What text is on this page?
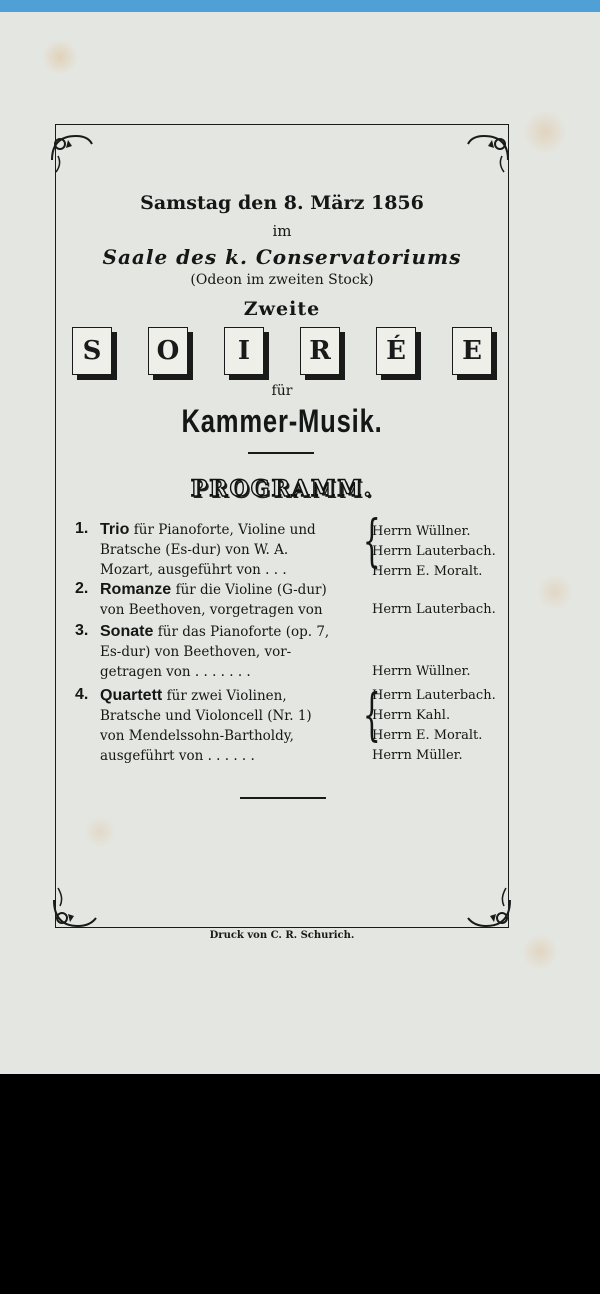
Samstag den 8. März 1856
im
Saale des k. Conservatoriums
(Odeon im zweiten Stock)
Zweite
S	O	I	R	É	E
für
Kammer-Musik.
PROGRAMM.
1. Trio für Pianoforte, Violine und
Bratsche (Es-dur) von W. A.
Mozart, ausgeführt von . . .	{
Herrn Wüllner.
Herrn Lauterbach.
Herrn E. Moralt.
2. Romanze für die Violine (G-dur)
von Beethoven, vorgetragen von	Herrn Lauterbach.
3. Sonate für das Pianoforte (op. 7,
Es-dur) von Beethoven, vor-
getragen von . . . . . . .	Herrn Wüllner.
4. Quartett für zwei Violinen,
Bratsche und Violoncell (Nr. 1)
von Mendelssohn-Bartholdy,
ausgeführt von . . . . . .
{
Herrn Lauterbach.
Herrn Kahl.
Herrn E. Moralt.
Herrn Müller.
Druck von C. R. Schurich.
